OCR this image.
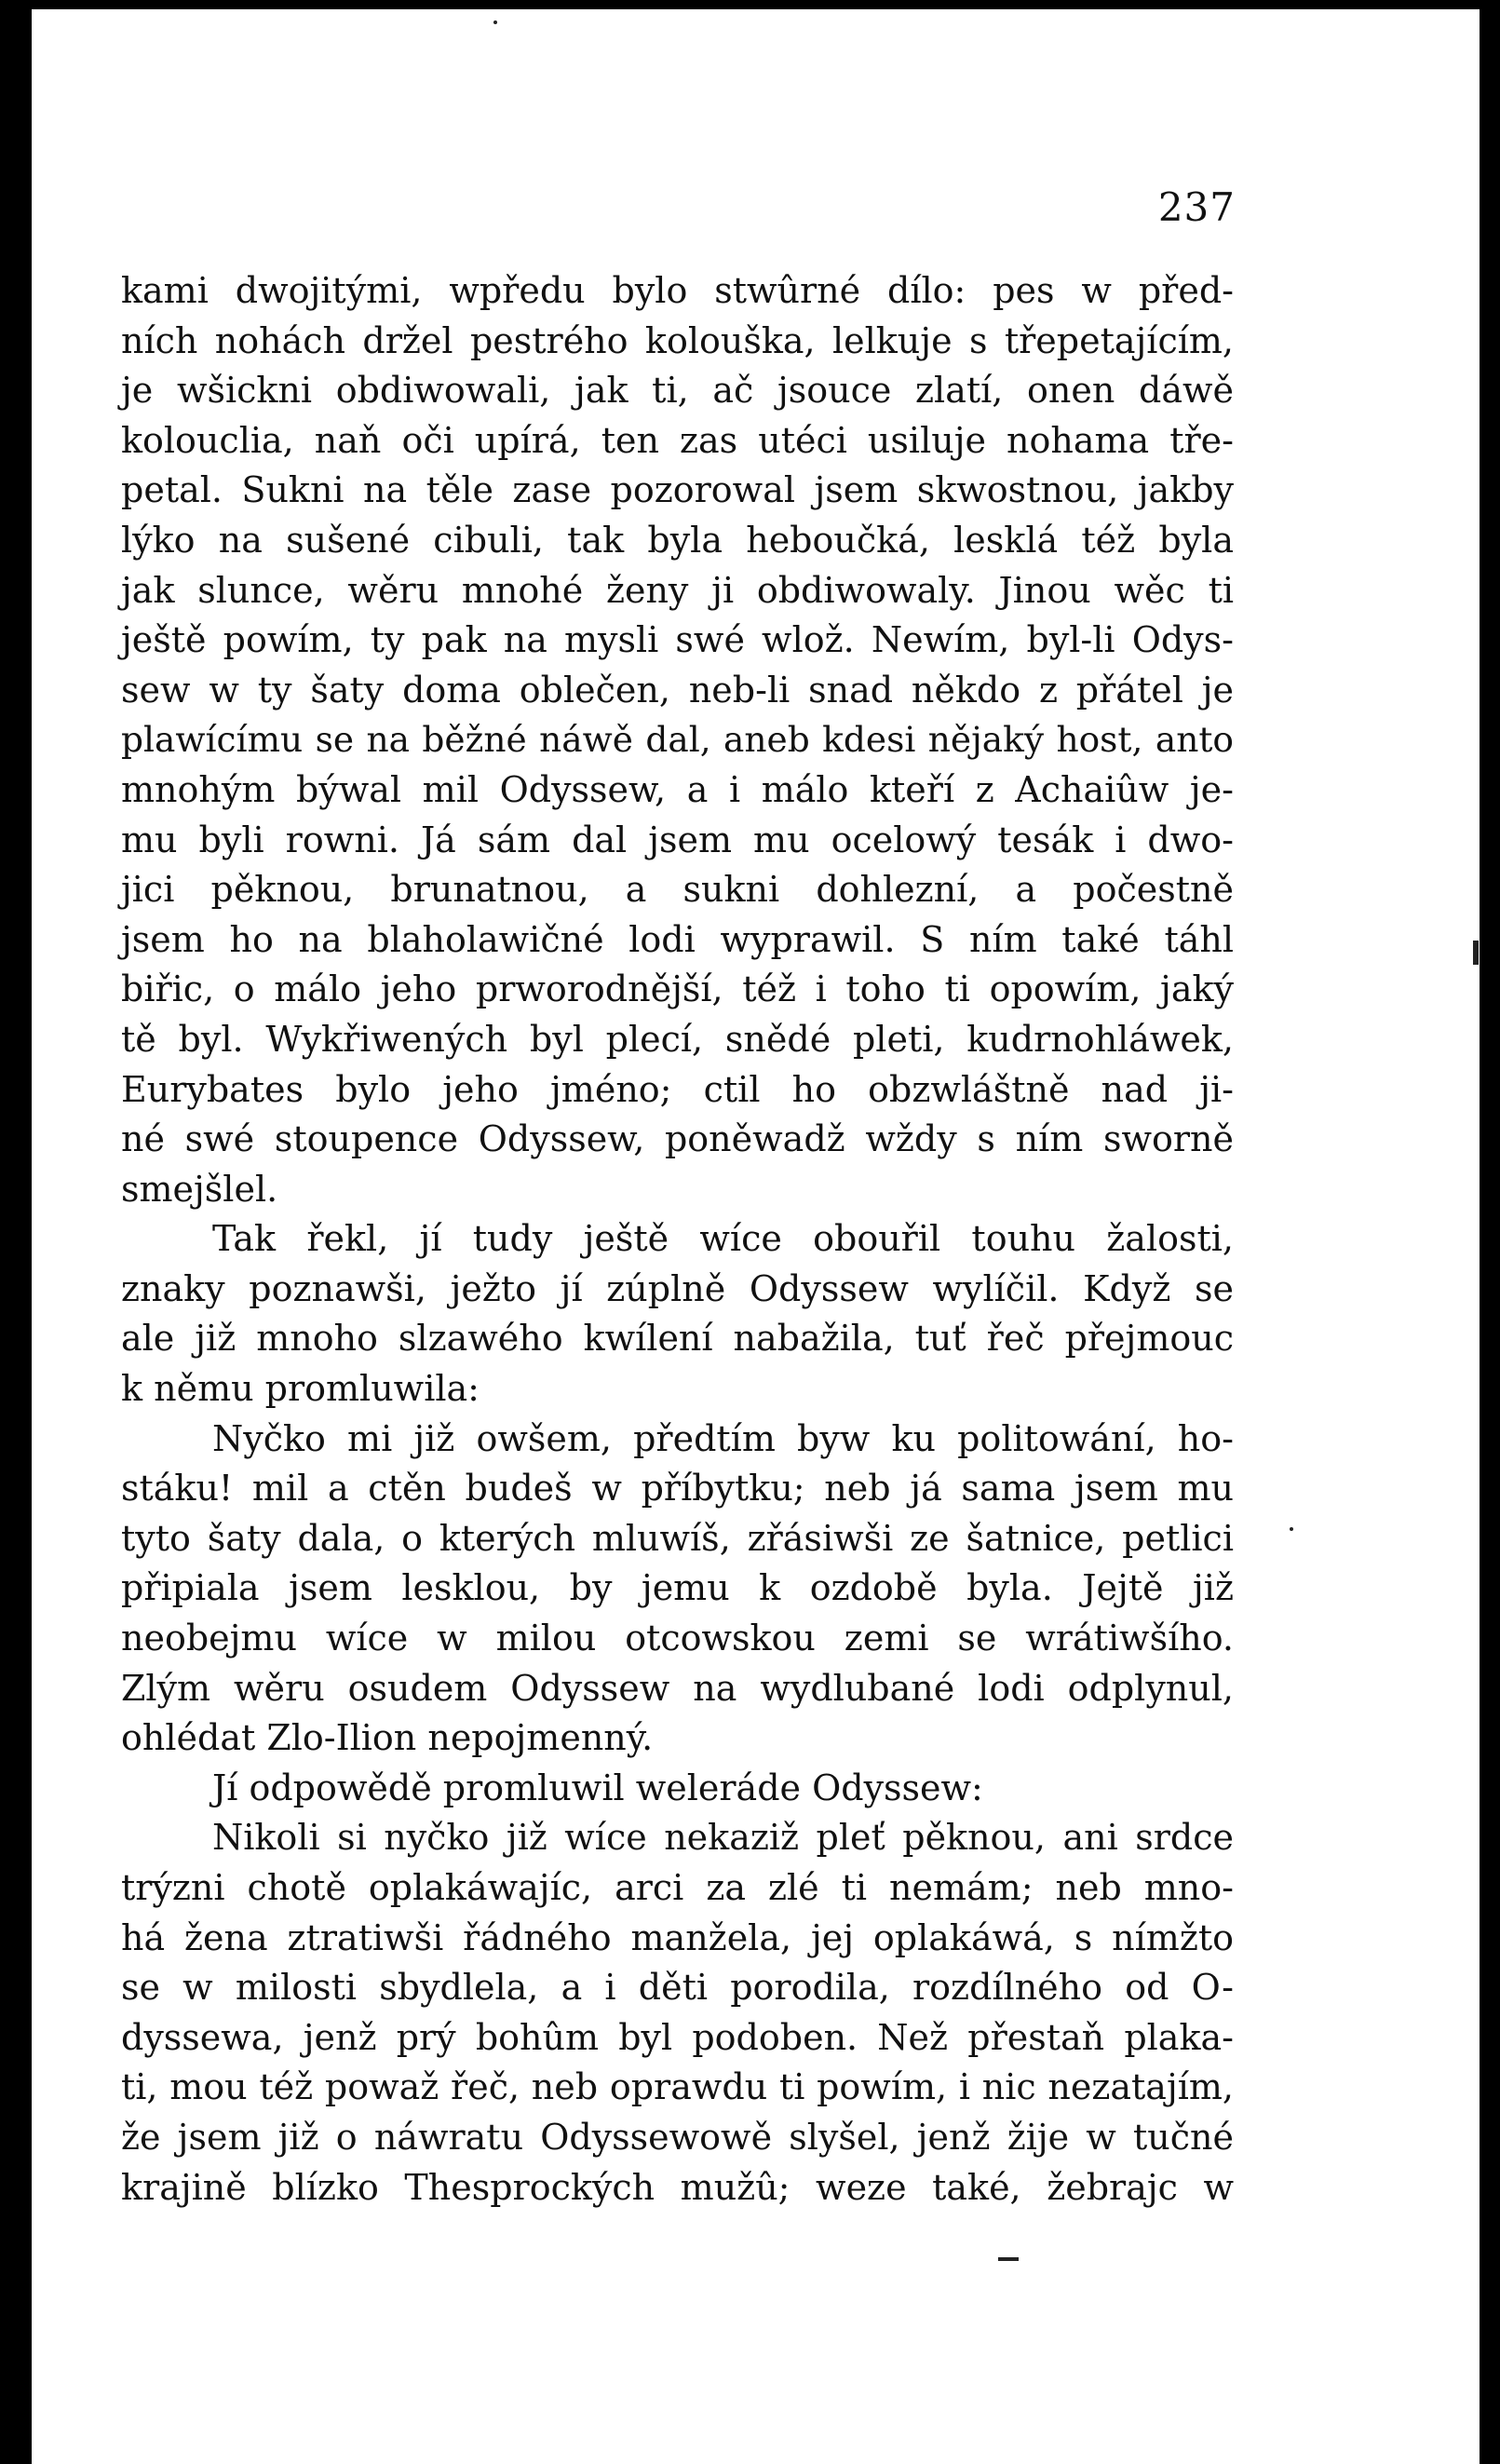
237
kami dwojitými, wpředu bylo stwûrné dílo: pes w před-
ních nohách držel pestrého kolouška, lelkuje s třepetajícím,
je wšickni obdiwowali, jak ti, ač jsouce zlatí, onen dáwě
kolouclia, naň oči upírá, ten zas utéci usiluje nohama tře-
petal. Sukni na těle zase pozorowal jsem skwostnou, jakby
lýko na sušené cibuli, tak byla heboučká, lesklá též byla
jak slunce, wěru mnohé ženy ji obdiwowaly. Jinou wěc ti
ještě powím, ty pak na mysli swé wlož. Newím, byl-li Odys-
sew w ty šaty doma oblečen, neb-li snad někdo z přátel je
plawícímu se na běžné náwě dal, aneb kdesi nějaký host, anto
mnohým býwal mil Odyssew, a i málo kteří z Achaiûw je-
mu byli rowni. Já sám dal jsem mu ocelowý tesák i dwo-
jici pěknou, brunatnou, a sukni dohlezní, a počestně
jsem ho na blaholawičné lodi wyprawil. S ním také táhl
biřic, o málo jeho prworodnější, též i toho ti opowím, jaký
tě byl. Wykřiwených byl plecí, snědé pleti, kudrnohláwek,
Eurybates bylo jeho jméno; ctil ho obzwláštně nad ji-
né swé stoupence Odyssew, poněwadž wždy s ním sworně
smejšlel.
Tak řekl, jí tudy ještě wíce obouřil touhu žalosti,
znaky poznawši, ježto jí zúplně Odyssew wylíčil. Když se
ale již mnoho slzawého kwílení nabažila, tuť řeč přejmouc
k němu promluwila:
Nyčko mi již owšem, předtím byw ku politowání, ho-
stáku! mil a ctěn budeš w příbytku; neb já sama jsem mu
tyto šaty dala, o kterých mluwíš, zřásiwši ze šatnice, petlici
připiala jsem lesklou, by jemu k ozdobě byla. Jejtě již
neobejmu wíce w milou otcowskou zemi se wrátiwšího.
Zlým wěru osudem Odyssew na wydlubané lodi odplynul,
ohlédat Zlo-Ilion nepojmenný.
Jí odpowědě promluwil weleráde Odyssew:
Nikoli si nyčko již wíce nekaziž pleť pěknou, ani srdce
trýzni chotě oplakáwajíc, arci za zlé ti nemám; neb mno-
há žena ztratiwši řádného manžela, jej oplakáwá, s nímžto
se w milosti sbydlela, a i děti porodila, rozdílného od O-
dyssewa, jenž prý bohûm byl podoben. Než přestaň plaka-
ti, mou též powaž řeč, neb oprawdu ti powím, i nic nezatajím,
že jsem již o náwratu Odyssewowě slyšel, jenž žije w tučné
krajině blízko Thesprockých mužû; weze také, žebrajc w
